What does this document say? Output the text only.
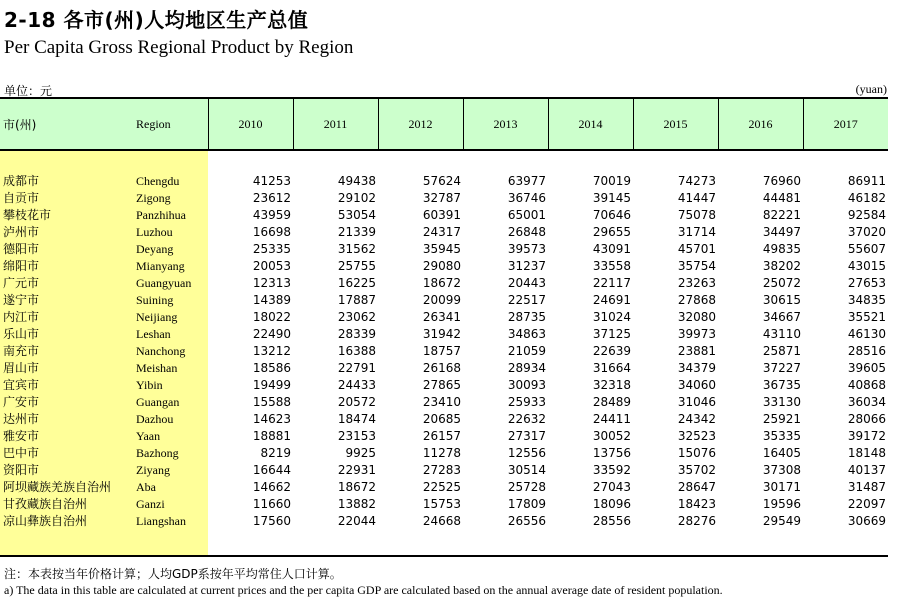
2-18 各市(州)人均地区生产总值
Per Capita Gross Regional Product by Region
单位：元	(yuan)
市(州)	Region	2010	2011	2012	2013	2014	2015	2016	2017

成都市	Chengdu	41253	49438	57624	63977	70019	74273	76960	86911
自贡市	Zigong	23612	29102	32787	36746	39145	41447	44481	46182
攀枝花市	Panzhihua	43959	53054	60391	65001	70646	75078	82221	92584
泸州市	Luzhou	16698	21339	24317	26848	29655	31714	34497	37020
德阳市	Deyang	25335	31562	35945	39573	43091	45701	49835	55607
绵阳市	Mianyang	20053	25755	29080	31237	33558	35754	38202	43015
广元市	Guangyuan	12313	16225	18672	20443	22117	23263	25072	27653
遂宁市	Suining	14389	17887	20099	22517	24691	27868	30615	34835
内江市	Neijiang	18022	23062	26341	28735	31024	32080	34667	35521
乐山市	Leshan	22490	28339	31942	34863	37125	39973	43110	46130
南充市	Nanchong	13212	16388	18757	21059	22639	23881	25871	28516
眉山市	Meishan	18586	22791	26168	28934	31664	34379	37227	39605
宜宾市	Yibin	19499	24433	27865	30093	32318	34060	36735	40868
广安市	Guangan	15588	20572	23410	25933	28489	31046	33130	36034
达州市	Dazhou	14623	18474	20685	22632	24411	24342	25921	28066
雅安市	Yaan	18881	23153	26157	27317	30052	32523	35335	39172
巴中市	Bazhong	8219	9925	11278	12556	13756	15076	16405	18148
资阳市	Ziyang	16644	22931	27283	30514	33592	35702	37308	40137
阿坝藏族羌族自治州	Aba	14662	18672	22525	25728	27043	28647	30171	31487
甘孜藏族自治州	Ganzi	11660	13882	15753	17809	18096	18423	19596	22097
凉山彝族自治州	Liangshan	17560	22044	24668	26556	28556	28276	29549	30669

注：本表按当年价格计算；人均GDP系按年平均常住人口计算。
a) The data in this table are calculated at current prices and the per capita GDP are calculated based on the annual average date of resident population.
